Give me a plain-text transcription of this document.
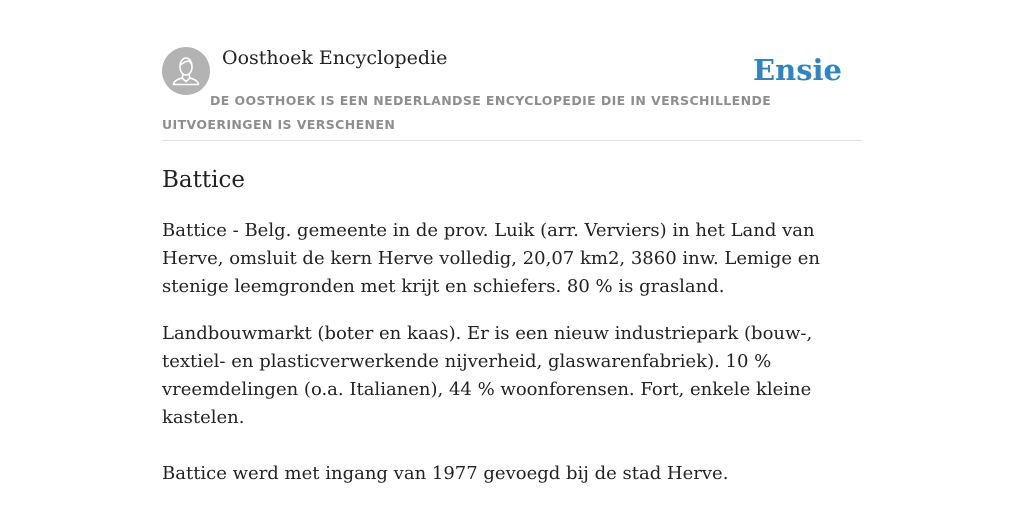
Oosthoek Encyclopedie	Ensie
DE OOSTHOEK IS EEN NEDERLANDSE ENCYCLOPEDIE DIE IN VERSCHILLENDE UITVOERINGEN IS VERSCHENEN
Battice

Battice - Belg. gemeente in de prov. Luik (arr. Verviers) in het Land van Herve, omsluit de kern Herve volledig, 20,07 km2, 3860 inw. Lemige en stenige leemgronden met krijt en schiefers. 80 % is grasland.

Landbouwmarkt (boter en kaas). Er is een nieuw industriepark (bouw-, textiel- en plasticverwerkende nijverheid, glaswarenfabriek). 10 % vreemdelingen (o.a. Italianen), 44 % woonforensen. Fort, enkele kleine kastelen.

Battice werd met ingang van 1977 gevoegd bij de stad Herve.
